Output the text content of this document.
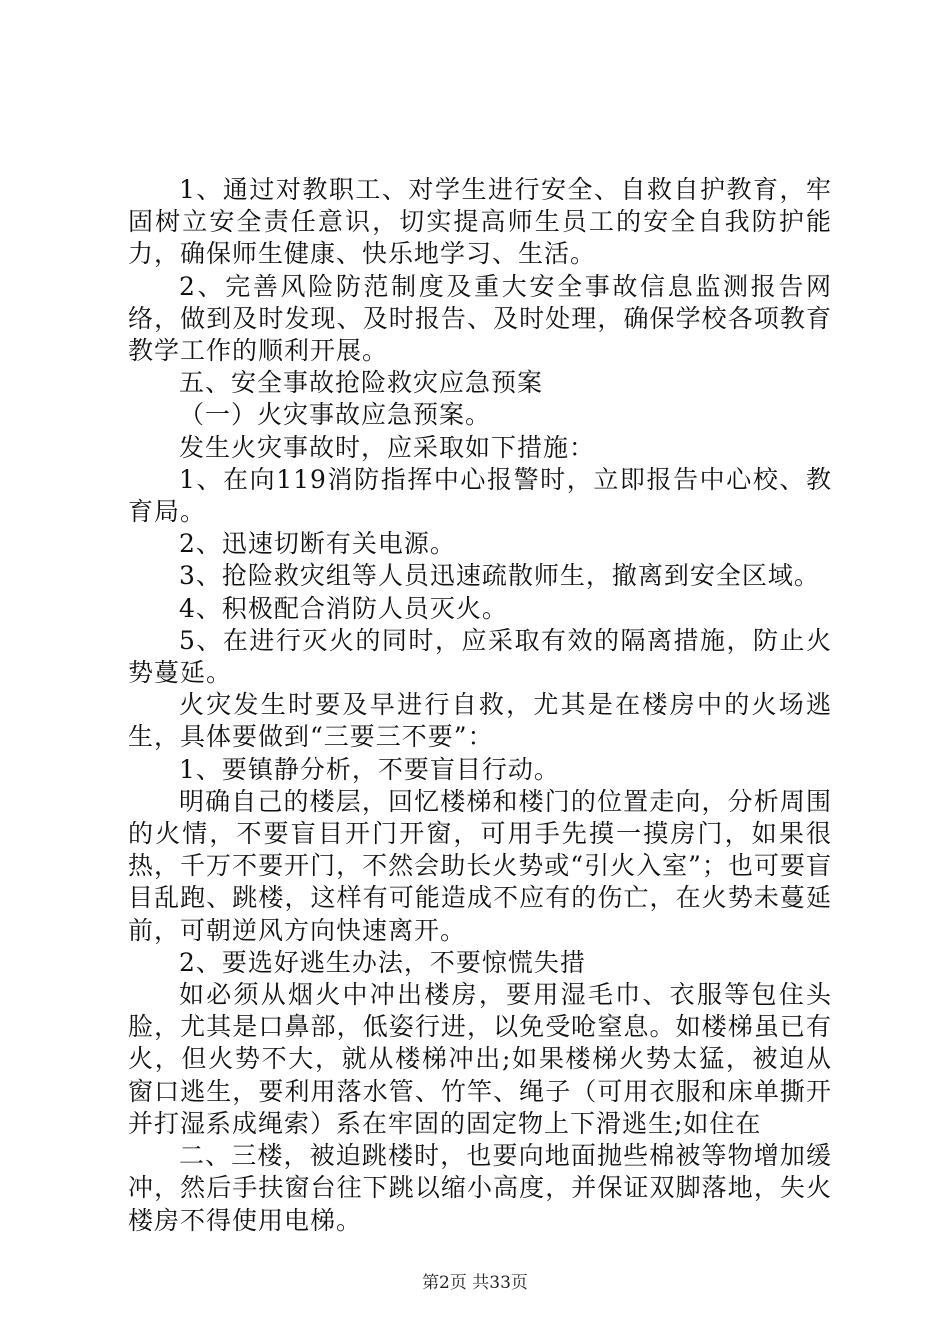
1、通过对教职工、对学生进行安全、自救自护教育，牢固树立安全责任意识，切实提高师生员工的安全自我防护能力，确保师生健康、快乐地学习、生活。

2、完善风险防范制度及重大安全事故信息监测报告网络，做到及时发现、及时报告、及时处理，确保学校各项教育教学工作的顺利开展。

五、安全事故抢险救灾应急预案

（一）火灾事故应急预案。

发生火灾事故时，应采取如下措施：

1、在向119消防指挥中心报警时，立即报告中心校、教育局。

2、迅速切断有关电源。

3、抢险救灾组等人员迅速疏散师生，撤离到安全区域。

4、积极配合消防人员灭火。

5、在进行灭火的同时，应采取有效的隔离措施，防止火势蔓延。

火灾发生时要及早进行自救，尤其是在楼房中的火场逃生，具体要做到“三要三不要”：

1、要镇静分析，不要盲目行动。

明确自己的楼层，回忆楼梯和楼门的位置走向，分析周围的火情，不要盲目开门开窗，可用手先摸一摸房门，如果很热，千万不要开门，不然会助长火势或“引火入室”；也可要盲目乱跑、跳楼，这样有可能造成不应有的伤亡，在火势未蔓延前，可朝逆风方向快速离开。

2、要选好逃生办法，不要惊慌失措

如必须从烟火中冲出楼房，要用湿毛巾、衣服等包住头脸，尤其是口鼻部，低姿行进，以免受呛窒息。如楼梯虽已有火，但火势不大，就从楼梯冲出;如果楼梯火势太猛，被迫从窗口逃生，要利用落水管、竹竿、绳子（可用衣服和床单撕开并打湿系成绳索）系在牢固的固定物上下滑逃生;如住在

二、三楼，被迫跳楼时，也要向地面抛些棉被等物增加缓冲，然后手扶窗台往下跳以缩小高度，并保证双脚落地，失火楼房不得使用电梯。

第2页 共33页
